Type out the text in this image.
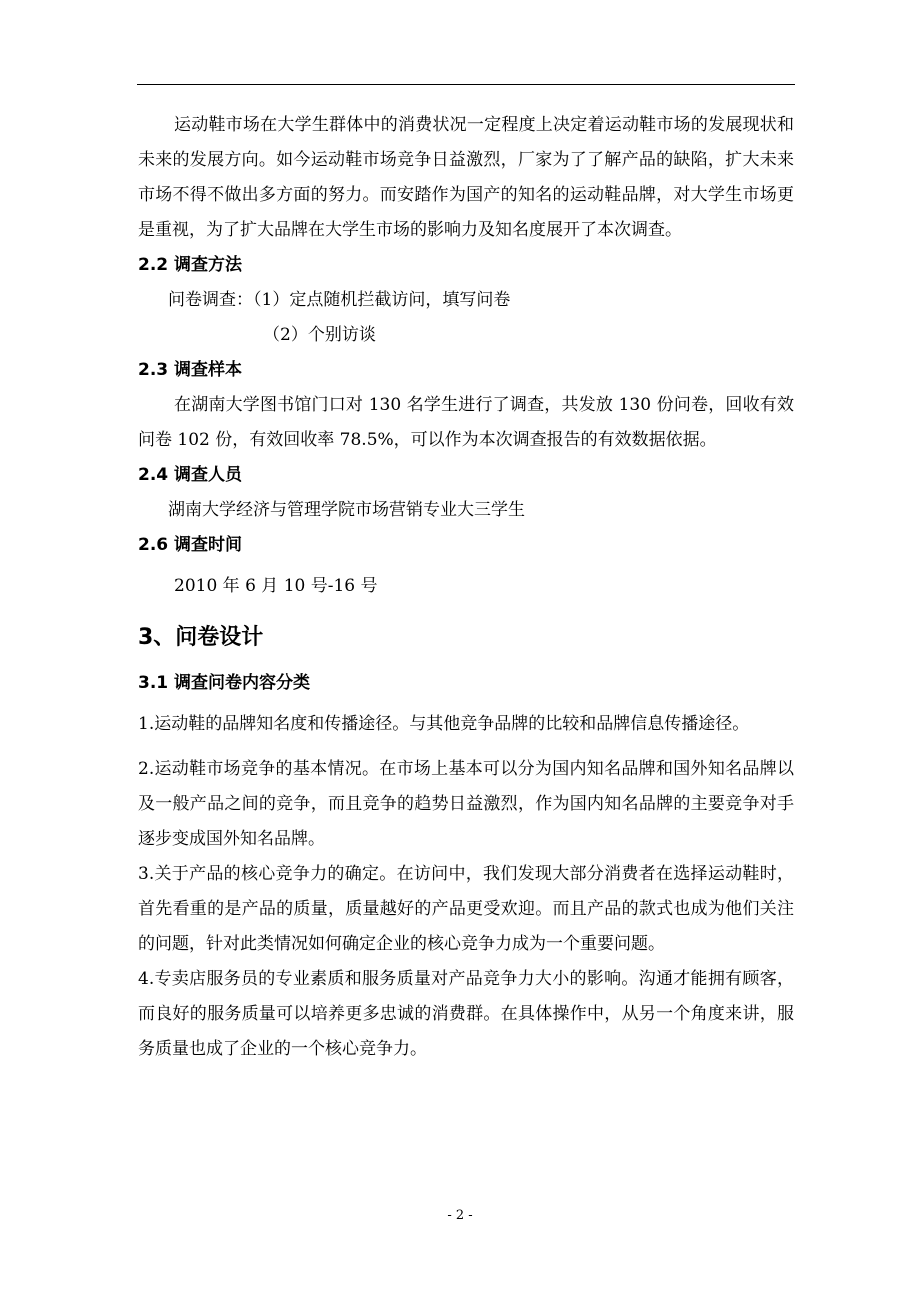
运动鞋市场在大学生群体中的消费状况一定程度上决定着运动鞋市场的发展现状和未来的发展方向。如今运动鞋市场竞争日益激烈，厂家为了了解产品的缺陷，扩大未来市场不得不做出多方面的努力。而安踏作为国产的知名的运动鞋品牌，对大学生市场更是重视，为了扩大品牌在大学生市场的影响力及知名度展开了本次调查。

2.2 调查方法

问卷调查：（1）定点随机拦截访问，填写问卷

（2）个别访谈

2.3 调查样本

在湖南大学图书馆门口对 130 名学生进行了调查，共发放 130 份问卷，回收有效问卷 102 份，有效回收率 78.5%，可以作为本次调查报告的有效数据依据。

2.4 调查人员

湖南大学经济与管理学院市场营销专业大三学生

2.6 调查时间

2010 年 6 月 10 号-16 号

3、问卷设计

3.1 调查问卷内容分类

1.运动鞋的品牌知名度和传播途径。与其他竞争品牌的比较和品牌信息传播途径。

2.运动鞋市场竞争的基本情况。在市场上基本可以分为国内知名品牌和国外知名品牌以及一般产品之间的竞争，而且竞争的趋势日益激烈，作为国内知名品牌的主要竞争对手逐步变成国外知名品牌。

3.关于产品的核心竞争力的确定。在访问中，我们发现大部分消费者在选择运动鞋时，首先看重的是产品的质量，质量越好的产品更受欢迎。而且产品的款式也成为他们关注的问题，针对此类情况如何确定企业的核心竞争力成为一个重要问题。

4.专卖店服务员的专业素质和服务质量对产品竞争力大小的影响。沟通才能拥有顾客，而良好的服务质量可以培养更多忠诚的消费群。在具体操作中，从另一个角度来讲，服务质量也成了企业的一个核心竞争力。

- 2 -
